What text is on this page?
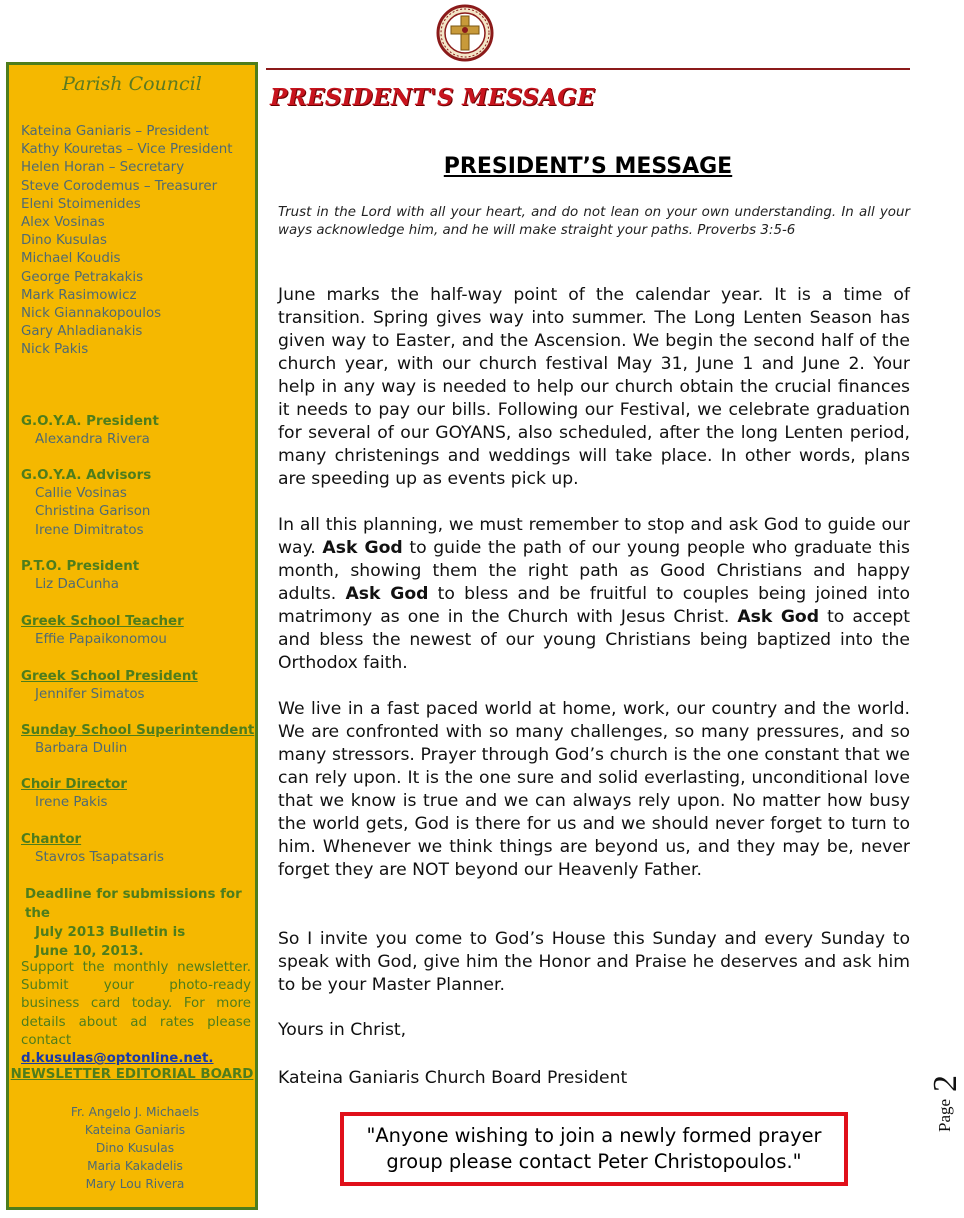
Parish Council
Kateina Ganiaris – President
Kathy Kouretas – Vice President
Helen Horan – Secretary
Steve Corodemus – Treasurer
Eleni Stoimenides
Alex Vosinas
Dino Kusulas
Michael Koudis
George Petrakakis
Mark Rasimowicz
Nick Giannakopoulos
Gary Ahladianakis
Nick Pakis
G.O.Y.A. President
Alexandra Rivera
G.O.Y.A. Advisors
Callie Vosinas
Christina Garison
Irene Dimitratos
P.T.O. President
Liz DaCunha
Greek School Teacher
Effie Papaikonomou
Greek School President
Jennifer Simatos
Sunday School Superintendent
Barbara Dulin
Choir Director
Irene Pakis
Chantor
Stavros Tsapatsaris
Deadline for submissions for the
July 2013 Bulletin is
June 10, 2013.
Support the monthly newsletter. Submit your photo-ready business card today. For more details about ad rates please contact d.kusulas@optonline.net.
NEWSLETTER EDITORIAL BOARD
Fr. Angelo J. Michaels
Kateina Ganiaris
Dino Kusulas
Maria Kakadelis
Mary Lou Rivera
PRESIDENT'S MESSAGE
PRESIDENT’S MESSAGE
Trust in the Lord with all your heart, and do not lean on your own understanding. In all your ways acknowledge him, and he will make straight your paths. Proverbs 3:5-6
June marks the half-way point of the calendar year. It is a time of transition. Spring gives way into summer. The Long Lenten Season has given way to Easter, and the Ascension. We begin the second half of the church year, with our church festival May 31, June 1 and June 2. Your help in any way is needed to help our church obtain the crucial finances it needs to pay our bills. Following our Festival, we celebrate graduation for several of our GOYANS, also scheduled, after the long Lenten period, many christenings and weddings will take place. In other words, plans are speeding up as events pick up.
In all this planning, we must remember to stop and ask God to guide our way. Ask God to guide the path of our young people who graduate this month, showing them the right path as Good Christians and happy adults. Ask God to bless and be fruitful to couples being joined into matrimony as one in the Church with Jesus Christ. Ask God to accept and bless the newest of our young Christians being baptized into the Orthodox faith.
We live in a fast paced world at home, work, our country and the world. We are confronted with so many challenges, so many pressures, and so many stressors. Prayer through God’s church is the one constant that we can rely upon. It is the one sure and solid everlasting, unconditional love that we know is true and we can always rely upon. No matter how busy the world gets, God is there for us and we should never forget to turn to him. Whenever we think things are beyond us, and they may be, never forget they are NOT beyond our Heavenly Father.
So I invite you come to God’s House this Sunday and every Sunday to speak with God, give him the Honor and Praise he deserves and ask him to be your Master Planner.
Yours in Christ,
Kateina Ganiaris Church Board President
"Anyone wishing to join a newly formed prayer group please contact Peter Christopoulos."
Page
2
